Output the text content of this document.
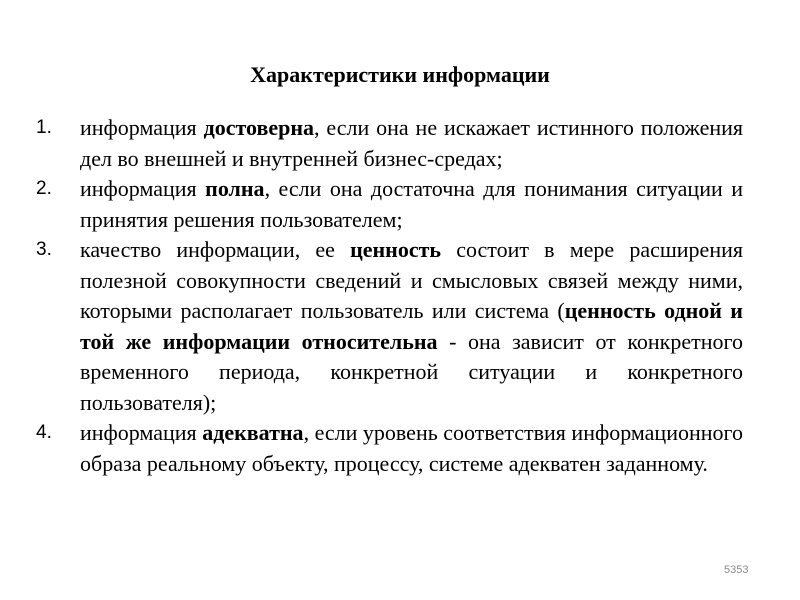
Характеристики информации
1. информация достоверна, если она не искажает истинного положения дел во внешней и внутренней бизнес-средах;
2. информация полна, если она достаточна для понимания ситуации и принятия решения пользователем;
3. качество информации, ее ценность состоит в мере расширения полезной совокупности сведений и смысловых связей между ними, которыми располагает пользователь или система (ценность одной и той же информации относительна - она зависит от конкретного временного периода, конкретной ситуации и конкретного пользователя);
4. информация адекватна, если уровень соответствия информационного образа реальному объекту, процессу, системе адекватен заданному.
5353
